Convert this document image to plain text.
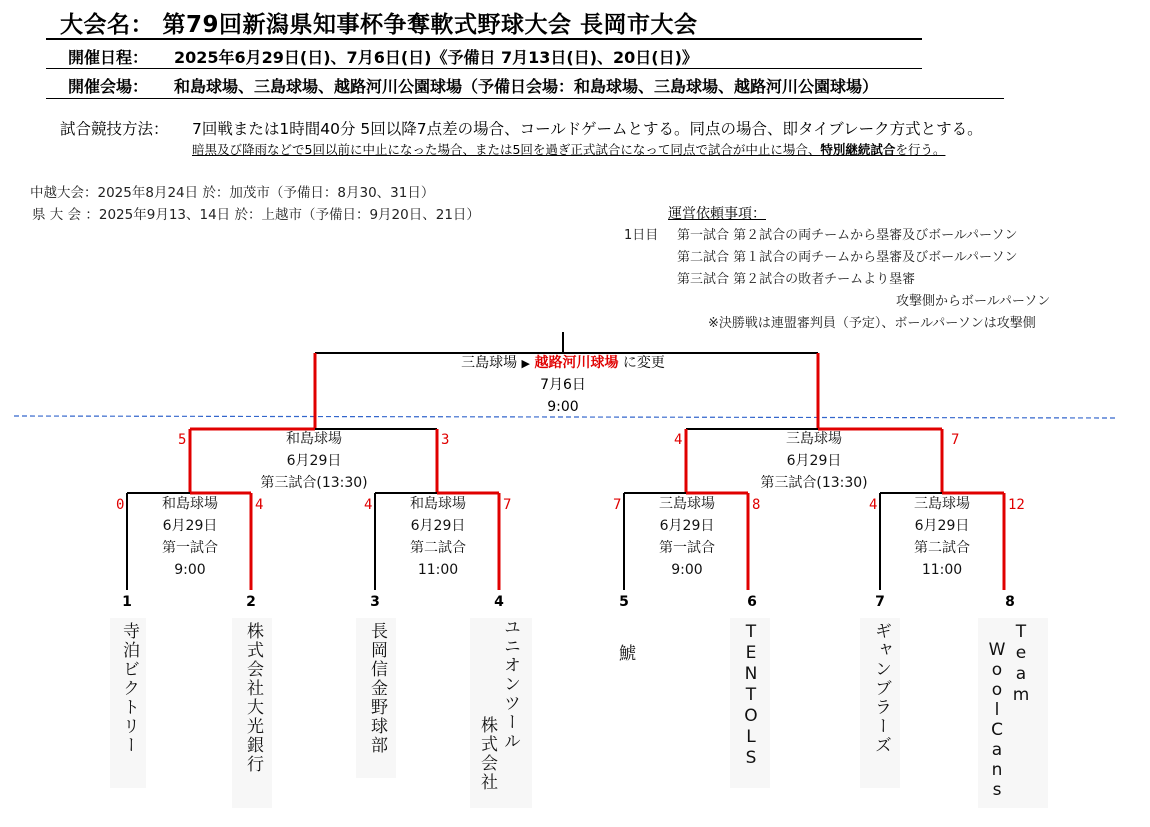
大会名： 第79回新潟県知事杯争奪軟式野球大会 長岡市大会
開催日程： 2025年6月29日(日)、7月6日(日)《予備日 7月13日(日)、20日(日)》
開催会場： 和島球場、三島球場、越路河川公園球場（予備日会場：和島球場、三島球場、越路河川公園球場）
試合競技方法： 7回戦または1時間40分 5回以降7点差の場合、コールドゲームとする。同点の場合、即タイブレーク方式とする。
暗黒及び降雨などで5回以前に中止になった場合、または5回を過ぎ正式試合になって同点で試合が中止に場合、特別継続試合を行う。
中越大会：2025年8月24日 於：加茂市（予備日：8月30、31日）
県 大 会 ：2025年9月13、14日 於：上越市（予備日：9月20日、21日）	運営依頼事項：
1日目 第一試合 第２試合の両チームから塁審及びボールパーソン
第二試合 第１試合の両チームから塁審及びボールパーソン
第三試合 第２試合の敗者チームより塁審
攻撃側からボールパーソン
※決勝戦は連盟審判員（予定）、ボールパーソンは攻撃側
三島球場 ▶ 越路河川球場 に変更
7月6日
9:00
和島球場
6月29日
第三試合(13:30)
三島球場
6月29日
第三試合(13:30)
5	3	4	7
和島球場
6月29日
第一試合
9:00
和島球場
6月29日
第二試合
11:00
三島球場
6月29日
第一試合
9:00
三島球場
6月29日
第二試合
11:00
0	4	4	7	7	8	4	12
1	2	3	4	5	6	7	8
寺泊ビクトリー	株式会社大光銀行	長岡信金野球部	ユニオンツール
株式会社
鯱	TENTOLS	ギャンブラーズ	Team
WoolCans
